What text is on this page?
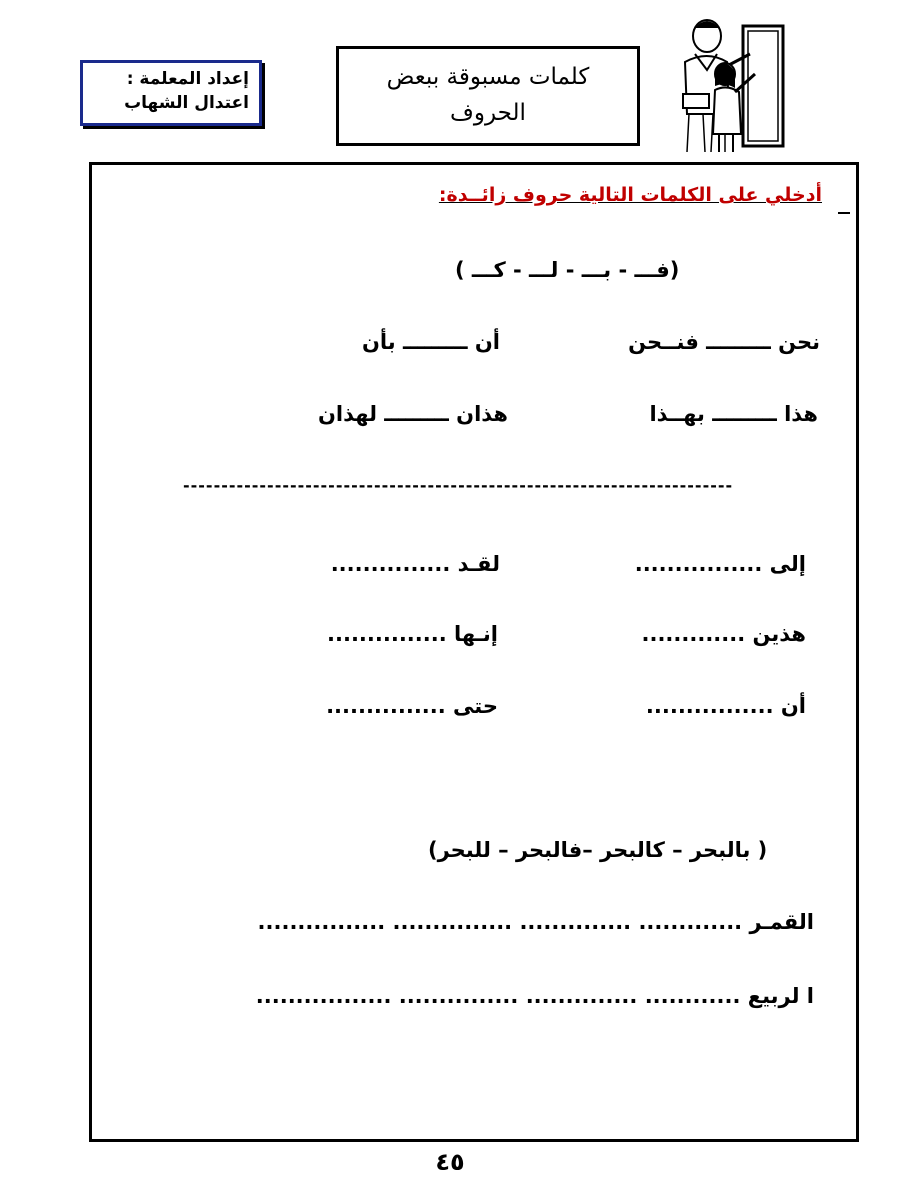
إعداد المعلمة :
اعتدال الشهاب
كلمات مسبوقة ببعض
الحروف
أدخلي على الكلمات التالية حروف زائــدة:
(فـــ - بـــ - لـــ - كـــ )
نحن ـــــــــ فنــحن
أن ـــــــــ بأن
هذا ـــــــــ بهــذا
هذان ـــــــــ لهذان
------------------------------------------------------------------------
إلى ................
لقـد ...............
هذين .............
إنـها ...............
أن ................
حتى ...............
( بالبحر – كالبحر –فالبحر – للبحر)
القمـر ............. .............. ............... ................
ا لربيع ............ .............. ............... .................
٤٥
